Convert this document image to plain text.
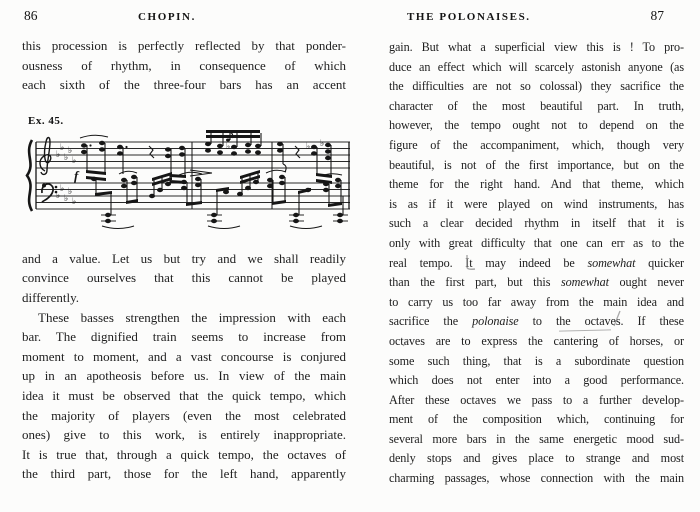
86	CHOPIN.
this procession is perfectly reflected by that ponder-
ousness of rhythm, in consequence of which
each sixth of the three-four bars has an accent
Ex. 45.
♭
♭
♭
♭
♭
♭
♭
♭
♭
♭
f
♭	♭ ♭
and a value. Let us but try and we shall readily
convince ourselves that this cannot be played
differently.
These basses strengthen the impression with each
bar. The dignified train seems to increase from
moment to moment, and a vast concourse is conjured
up in an apotheosis before us. In view of the main
idea it must be observed that the quick tempo, which
the majority of players (even the most celebrated
ones) give to this work, is entirely inappropriate.
It is true that, through a quick tempo, the octaves of
the third part, those for the left hand, apparently
THE POLONAISES.	87
gain. But what a superficial view this is ! To pro-
duce an effect which will scarcely astonish anyone (as
the difficulties are not so colossal) they sacrifice the
character of the most beautiful part. In truth,
however, the tempo ought not to depend on the
figure of the accompaniment, which, though very
beautiful, is not of the first importance, but on the
theme for the right hand. And that theme, which
is as if it were played on wind instruments, has
such a clear decided rhythm in itself that it is
only with great difficulty that one can err as to the
real tempo. It may indeed be somewhat quicker
than the first part, but this somewhat ought never
to carry us too far away from the main idea and
sacrifice the polonaise to the octaves. If these
octaves are to express the cantering of horses, or
some such thing, that is a subordinate question
which does not enter into a good performance.
After these octaves we pass to a further develop-
ment of the composition which, continuing for
several more bars in the same energetic mood sud-
denly stops and gives place to strange and most
charming passages, whose connection with the main
